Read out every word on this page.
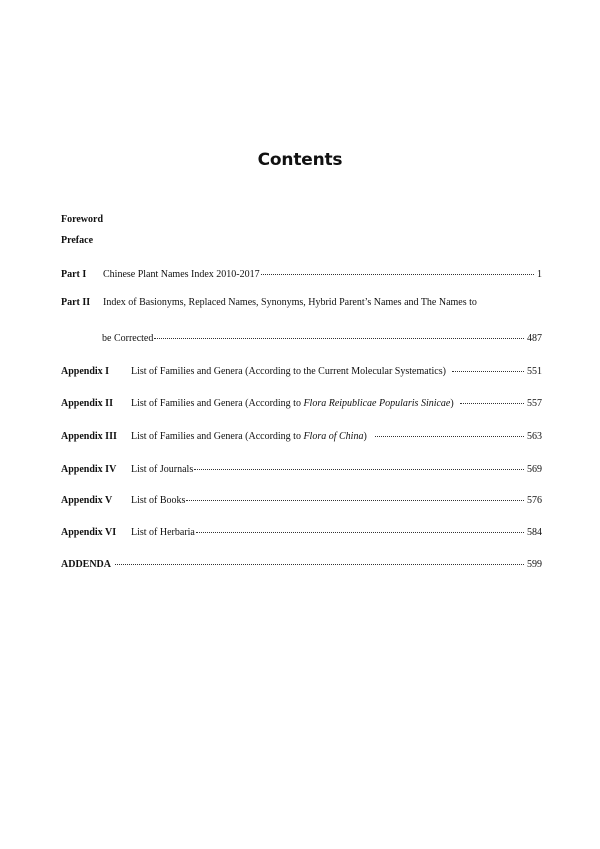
Contents
Foreword
Preface
Part I	Chinese Plant Names Index 2010-2017	1
Part II	Index of Basionyms, Replaced Names, Synonyms, Hybrid Parent’s Names and The Names to
be Corrected	487
Appendix I	List of Families and Genera (According to the Current Molecular Systematics)	551
Appendix II	List of Families and Genera (According to Flora Reipublicae Popularis Sinicae)	557
Appendix III	List of Families and Genera (According to Flora of China)	563
Appendix IV	List of Journals	569
Appendix V	List of Books	576
Appendix VI	List of Herbaria	584
ADDENDA	599
